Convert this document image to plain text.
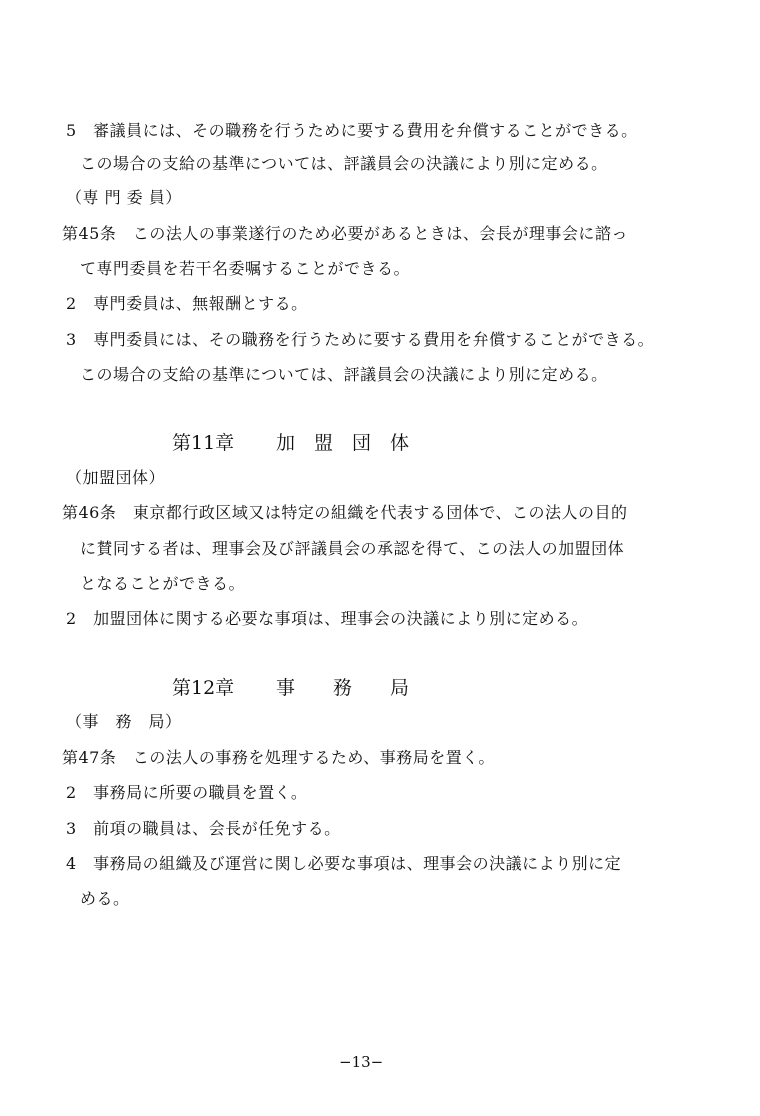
5　審議員には、その職務を行うために要する費用を弁償することができる。
この場合の支給の基準については、評議員会の決議により別に定める。
（専 門 委 員）
第45条　この法人の事業遂行のため必要があるときは、会長が理事会に諮っ
て専門委員を若干名委嘱することができる。
2　専門委員は、無報酬とする。
3　専門委員には、その職務を行うために要する費用を弁償することができる。
この場合の支給の基準については、評議員会の決議により別に定める。
第11章 加　盟　団　体
（加盟団体）
第46条　東京都行政区域又は特定の組織を代表する団体で、この法人の目的
に賛同する者は、理事会及び評議員会の承認を得て、この法人の加盟団体
となることができる。
2　加盟団体に関する必要な事項は、理事会の決議により別に定める。
第12章 事　　務　　局
（事　務　局）
第47条　この法人の事務を処理するため、事務局を置く。
2　事務局に所要の職員を置く。
3　前項の職員は、会長が任免する。
4　事務局の組織及び運営に関し必要な事項は、理事会の決議により別に定
める。
−13−
